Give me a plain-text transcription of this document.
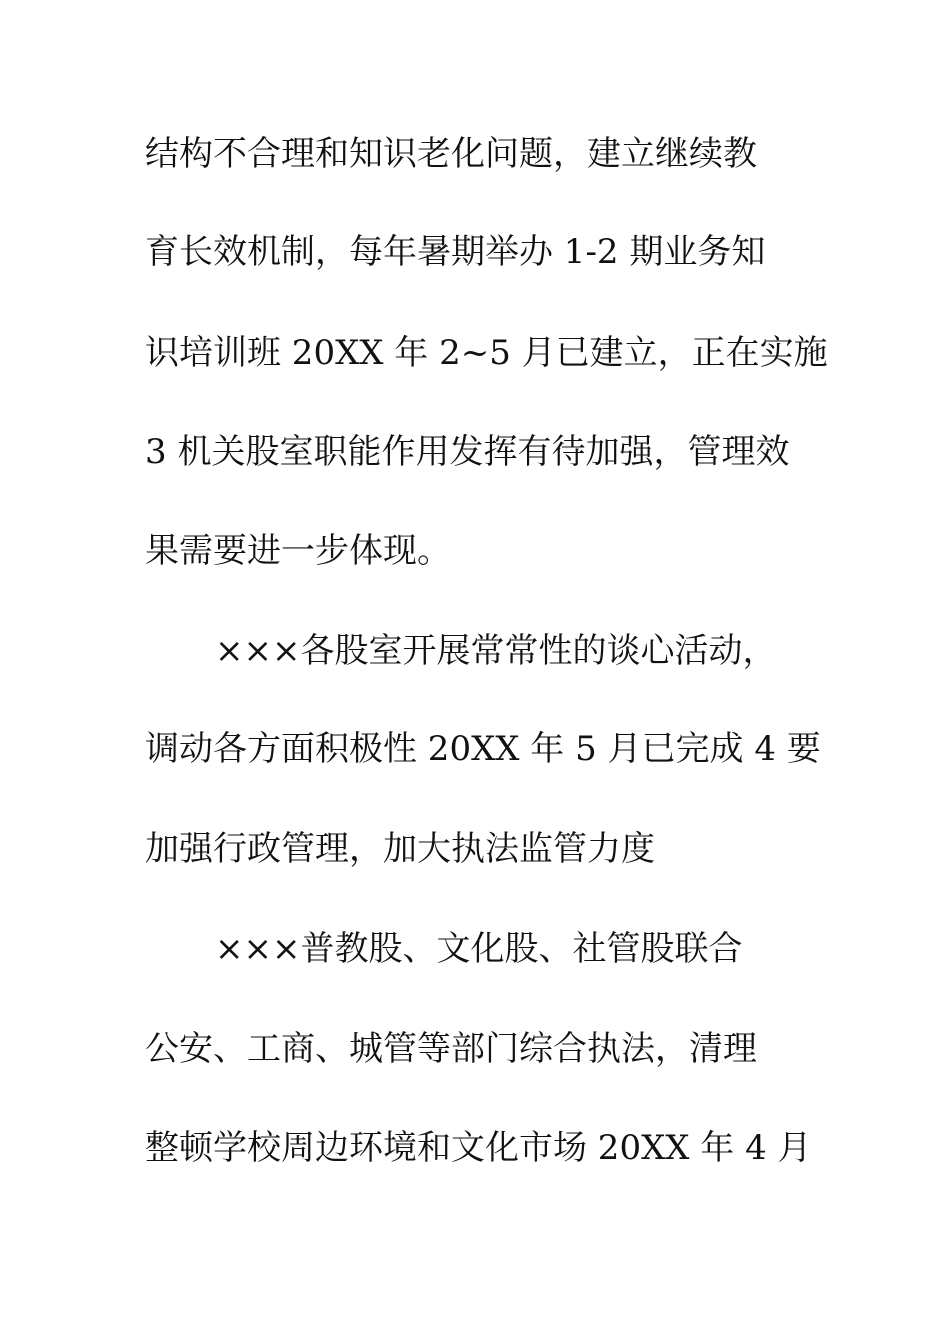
结构不合理和知识老化问题，建立继续教
育长效机制，每年暑期举办 1-2 期业务知
识培训班 20XX 年 2~5 月已建立，正在实施
3 机关股室职能作用发挥有待加强，管理效
果需要进一步体现。
×××各股室开展常常性的谈心活动，
调动各方面积极性 20XX 年 5 月已完成 4 要
加强行政管理，加大执法监管力度
×××普教股、文化股、社管股联合
公安、工商、城管等部门综合执法，清理
整顿学校周边环境和文化市场 20XX 年 4 月
